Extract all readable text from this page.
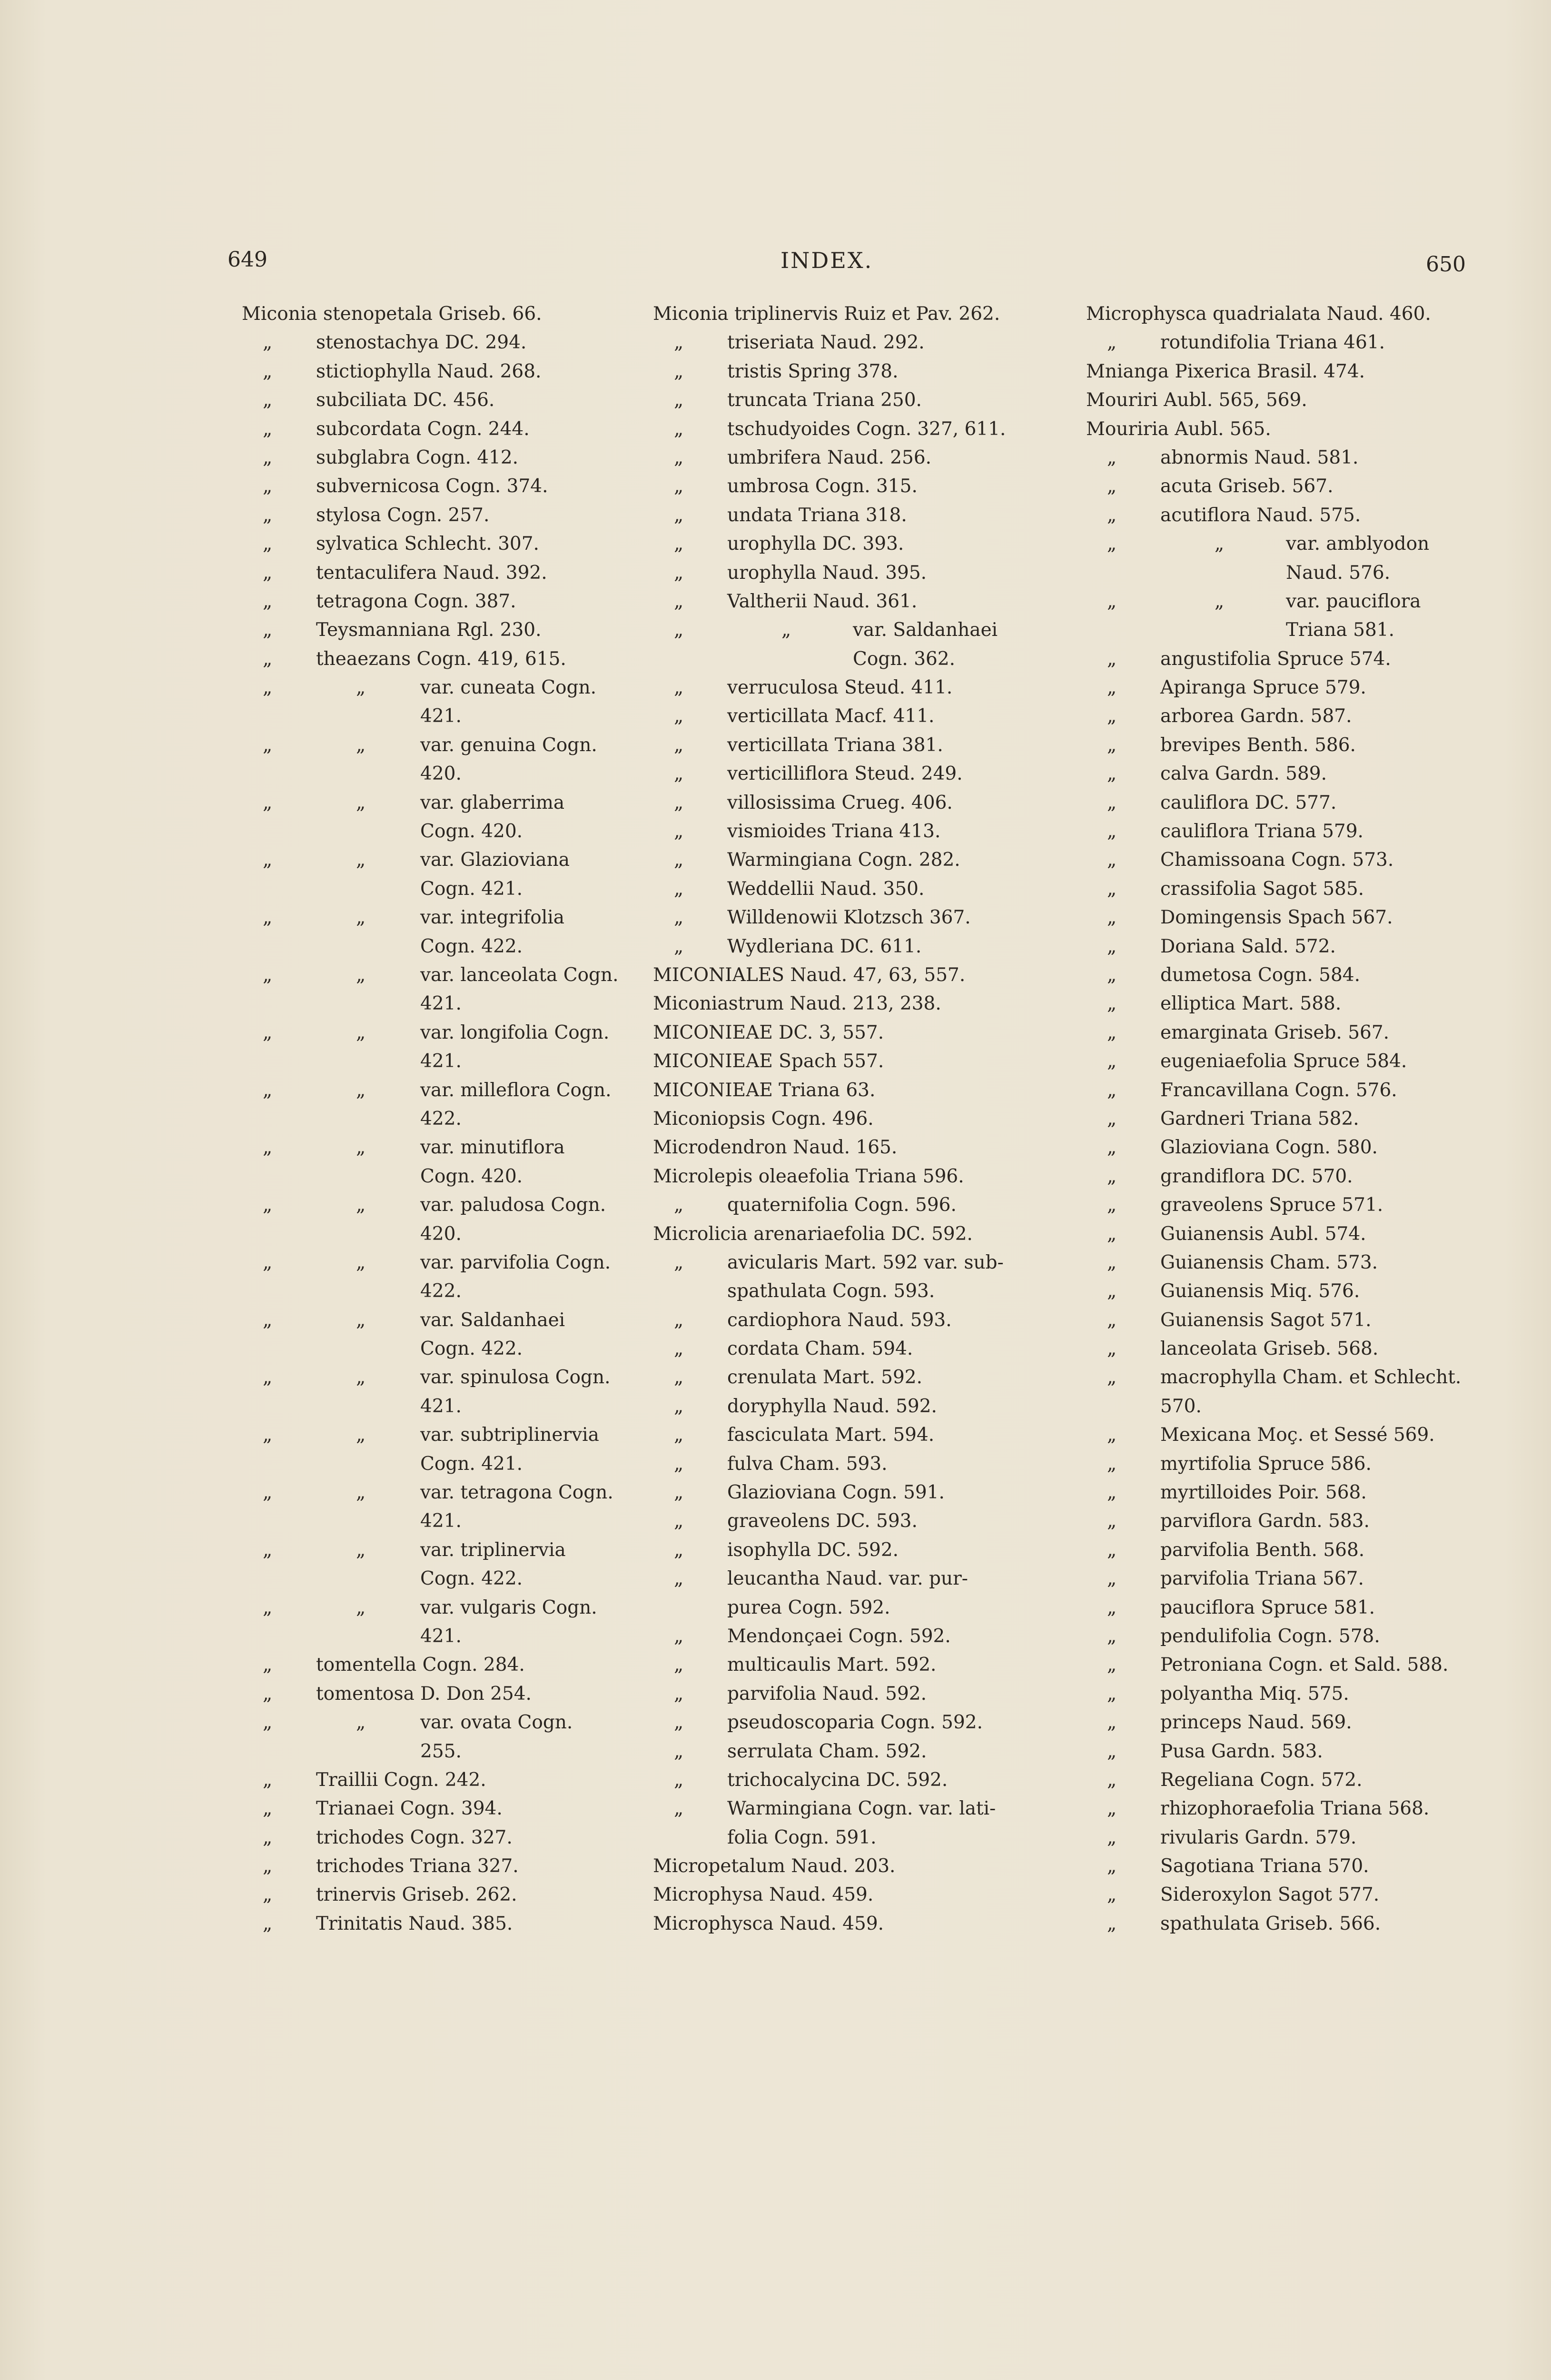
649	INDEX.	650
Miconia stenopetala Griseb. 66.
„ stenostachya DC. 294.
„ stictiophylla Naud. 268.
„ subciliata DC. 456.
„ subcordata Cogn. 244.
„ subglabra Cogn. 412.
„ subvernicosa Cogn. 374.
„ stylosa Cogn. 257.
„ sylvatica Schlecht. 307.
„ tentaculifera Naud. 392.
„ tetragona Cogn. 387.
„ Teysmanniana Rgl. 230.
„ theaezans Cogn. 419, 615.
„	„	var. cuneata Cogn.
421.
„	„	var. genuina Cogn.
420.
„	„	var. glaberrima
Cogn. 420.
„	„	var. Glazioviana
Cogn. 421.
„	„	var. integrifolia
Cogn. 422.
„	„	var. lanceolata Cogn.
421.
„	„	var. longifolia Cogn.
421.
„	„	var. milleflora Cogn.
422.
„	„	var. minutiflora
Cogn. 420.
„	„	var. paludosa Cogn.
420.
„	„	var. parvifolia Cogn.
422.
„	„	var. Saldanhaei
Cogn. 422.
„	„	var. spinulosa Cogn.
421.
„	„	var. subtriplinervia
Cogn. 421.
„	„	var. tetragona Cogn.
421.
„	„	var. triplinervia
Cogn. 422.
„	„	var. vulgaris Cogn.
421.
„ tomentella Cogn. 284.
„ tomentosa D. Don 254.
„	„	var. ovata Cogn.
255.
„ Traillii Cogn. 242.
„ Trianaei Cogn. 394.
„ trichodes Cogn. 327.
„ trichodes Triana 327.
„ trinervis Griseb. 262.
„ Trinitatis Naud. 385.
Miconia triplinervis Ruiz et Pav. 262.
„ triseriata Naud. 292.
„ tristis Spring 378.
„ truncata Triana 250.
„ tschudyoides Cogn. 327, 611.
„ umbrifera Naud. 256.
„ umbrosa Cogn. 315.
„ undata Triana 318.
„ urophylla DC. 393.
„ urophylla Naud. 395.
„ Valtherii Naud. 361.
„	„	var. Saldanhaei
Cogn. 362.
„ verruculosa Steud. 411.
„ verticillata Macf. 411.
„ verticillata Triana 381.
„ verticilliflora Steud. 249.
„ villosissima Crueg. 406.
„ vismioides Triana 413.
„ Warmingiana Cogn. 282.
„ Weddellii Naud. 350.
„ Willdenowii Klotzsch 367.
„ Wydleriana DC. 611.
MICONIALES Naud. 47, 63, 557.
Miconiastrum Naud. 213, 238.
MICONIEAE DC. 3, 557.
MICONIEAE Spach 557.
MICONIEAE Triana 63.
Miconiopsis Cogn. 496.
Microdendron Naud. 165.
Microlepis oleaefolia Triana 596.
„ quaternifolia Cogn. 596.
Microlicia arenariaefolia DC. 592.
„ avicularis Mart. 592 var. sub-
spathulata Cogn. 593.
„ cardiophora Naud. 593.
„ cordata Cham. 594.
„ crenulata Mart. 592.
„ doryphylla Naud. 592.
„ fasciculata Mart. 594.
„ fulva Cham. 593.
„ Glazioviana Cogn. 591.
„ graveolens DC. 593.
„ isophylla DC. 592.
„ leucantha Naud. var. pur-
purea Cogn. 592.
„ Mendonçaei Cogn. 592.
„ multicaulis Mart. 592.
„ parvifolia Naud. 592.
„ pseudoscoparia Cogn. 592.
„ serrulata Cham. 592.
„ trichocalycina DC. 592.
„ Warmingiana Cogn. var. lati-
folia Cogn. 591.
Micropetalum Naud. 203.
Microphysa Naud. 459.
Microphysca Naud. 459.
Microphysca quadrialata Naud. 460.
„ rotundifolia Triana 461.
Mnianga Pixerica Brasil. 474.
Mouriri Aubl. 565, 569.
Mouriria Aubl. 565.
„ abnormis Naud. 581.
„ acuta Griseb. 567.
„ acutiflora Naud. 575.
„	„	var. amblyodon
Naud. 576.
„	„	var. pauciflora
Triana 581.
„ angustifolia Spruce 574.
„ Apiranga Spruce 579.
„ arborea Gardn. 587.
„ brevipes Benth. 586.
„ calva Gardn. 589.
„ cauliflora DC. 577.
„ cauliflora Triana 579.
„ Chamissoana Cogn. 573.
„ crassifolia Sagot 585.
„ Domingensis Spach 567.
„ Doriana Sald. 572.
„ dumetosa Cogn. 584.
„ elliptica Mart. 588.
„ emarginata Griseb. 567.
„ eugeniaefolia Spruce 584.
„ Francavillana Cogn. 576.
„ Gardneri Triana 582.
„ Glazioviana Cogn. 580.
„ grandiflora DC. 570.
„ graveolens Spruce 571.
„ Guianensis Aubl. 574.
„ Guianensis Cham. 573.
„ Guianensis Miq. 576.
„ Guianensis Sagot 571.
„ lanceolata Griseb. 568.
„ macrophylla Cham. et Schlecht.
570.
„ Mexicana Moç. et Sessé 569.
„ myrtifolia Spruce 586.
„ myrtilloides Poir. 568.
„ parviflora Gardn. 583.
„ parvifolia Benth. 568.
„ parvifolia Triana 567.
„ pauciflora Spruce 581.
„ pendulifolia Cogn. 578.
„ Petroniana Cogn. et Sald. 588.
„ polyantha Miq. 575.
„ princeps Naud. 569.
„ Pusa Gardn. 583.
„ Regeliana Cogn. 572.
„ rhizophoraefolia Triana 568.
„ rivularis Gardn. 579.
„ Sagotiana Triana 570.
„ Sideroxylon Sagot 577.
„ spathulata Griseb. 566.
